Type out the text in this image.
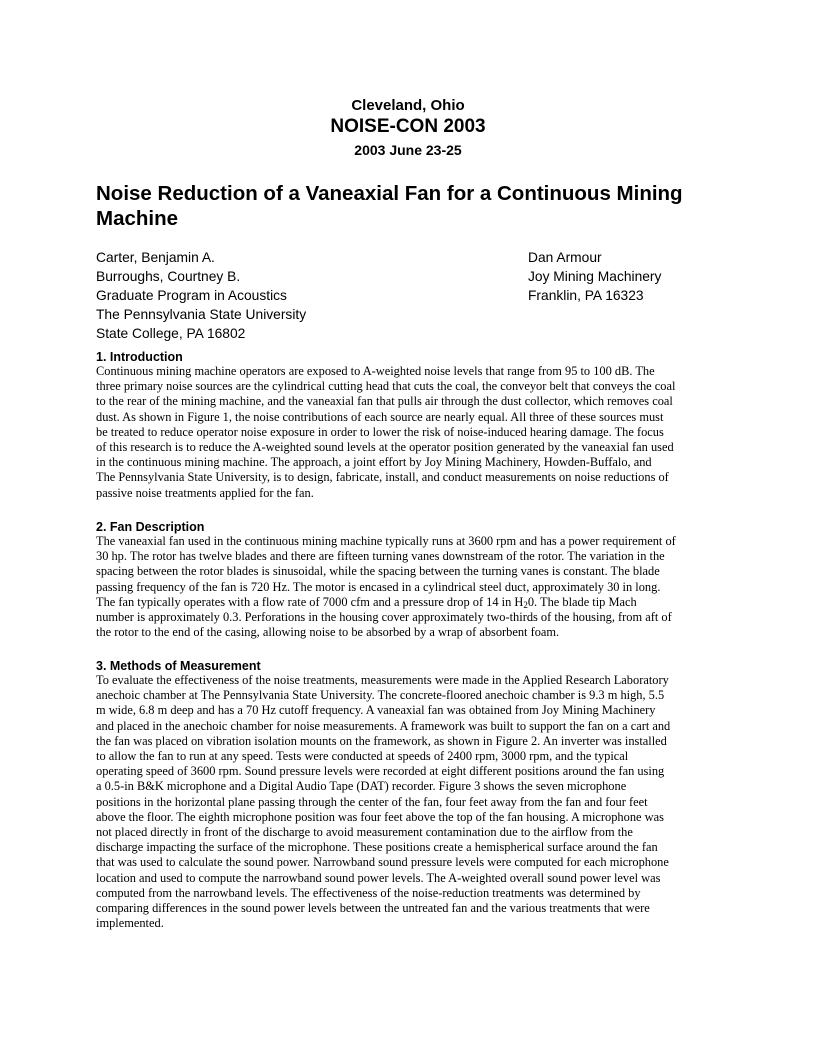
Cleveland, Ohio
NOISE-CON 2003
2003 June 23-25
Noise Reduction of a Vaneaxial Fan for a Continuous Mining
Machine
Carter, Benjamin A.
Burroughs, Courtney B.
Graduate Program in Acoustics
The Pennsylvania State University
State College, PA 16802
Dan Armour
Joy Mining Machinery
Franklin, PA 16323
1. Introduction
Continuous mining machine operators are exposed to A-weighted noise levels that range from 95 to 100 dB. The
three primary noise sources are the cylindrical cutting head that cuts the coal, the conveyor belt that conveys the coal
to the rear of the mining machine, and the vaneaxial fan that pulls air through the dust collector, which removes coal
dust. As shown in Figure 1, the noise contributions of each source are nearly equal. All three of these sources must
be treated to reduce operator noise exposure in order to lower the risk of noise-induced hearing damage. The focus
of this research is to reduce the A-weighted sound levels at the operator position generated by the vaneaxial fan used
in the continuous mining machine. The approach, a joint effort by Joy Mining Machinery, Howden-Buffalo, and
The Pennsylvania State University, is to design, fabricate, install, and conduct measurements on noise reductions of
passive noise treatments applied for the fan.
2. Fan Description
The vaneaxial fan used in the continuous mining machine typically runs at 3600 rpm and has a power requirement of
30 hp. The rotor has twelve blades and there are fifteen turning vanes downstream of the rotor. The variation in the
spacing between the rotor blades is sinusoidal, while the spacing between the turning vanes is constant. The blade
passing frequency of the fan is 720 Hz. The motor is encased in a cylindrical steel duct, approximately 30 in long.
The fan typically operates with a flow rate of 7000 cfm and a pressure drop of 14 in $H_20$. The blade tip Mach
number is approximately 0.3. Perforations in the housing cover approximately two-thirds of the housing, from aft of
the rotor to the end of the casing, allowing noise to be absorbed by a wrap of absorbent foam.
3. Methods of Measurement
To evaluate the effectiveness of the noise treatments, measurements were made in the Applied Research Laboratory
anechoic chamber at The Pennsylvania State University. The concrete-floored anechoic chamber is 9.3 m high, 5.5
m wide, 6.8 m deep and has a 70 Hz cutoff frequency. A vaneaxial fan was obtained from Joy Mining Machinery
and placed in the anechoic chamber for noise measurements. A framework was built to support the fan on a cart and
the fan was placed on vibration isolation mounts on the framework, as shown in Figure 2. An inverter was installed
to allow the fan to run at any speed. Tests were conducted at speeds of 2400 rpm, 3000 rpm, and the typical
operating speed of 3600 rpm. Sound pressure levels were recorded at eight different positions around the fan using
a 0.5-in B&K microphone and a Digital Audio Tape (DAT) recorder. Figure 3 shows the seven microphone
positions in the horizontal plane passing through the center of the fan, four feet away from the fan and four feet
above the floor. The eighth microphone position was four feet above the top of the fan housing. A microphone was
not placed directly in front of the discharge to avoid measurement contamination due to the airflow from the
discharge impacting the surface of the microphone. These positions create a hemispherical surface around the fan
that was used to calculate the sound power. Narrowband sound pressure levels were computed for each microphone
location and used to compute the narrowband sound power levels. The A-weighted overall sound power level was
computed from the narrowband levels. The effectiveness of the noise-reduction treatments was determined by
comparing differences in the sound power levels between the untreated fan and the various treatments that were
implemented.
